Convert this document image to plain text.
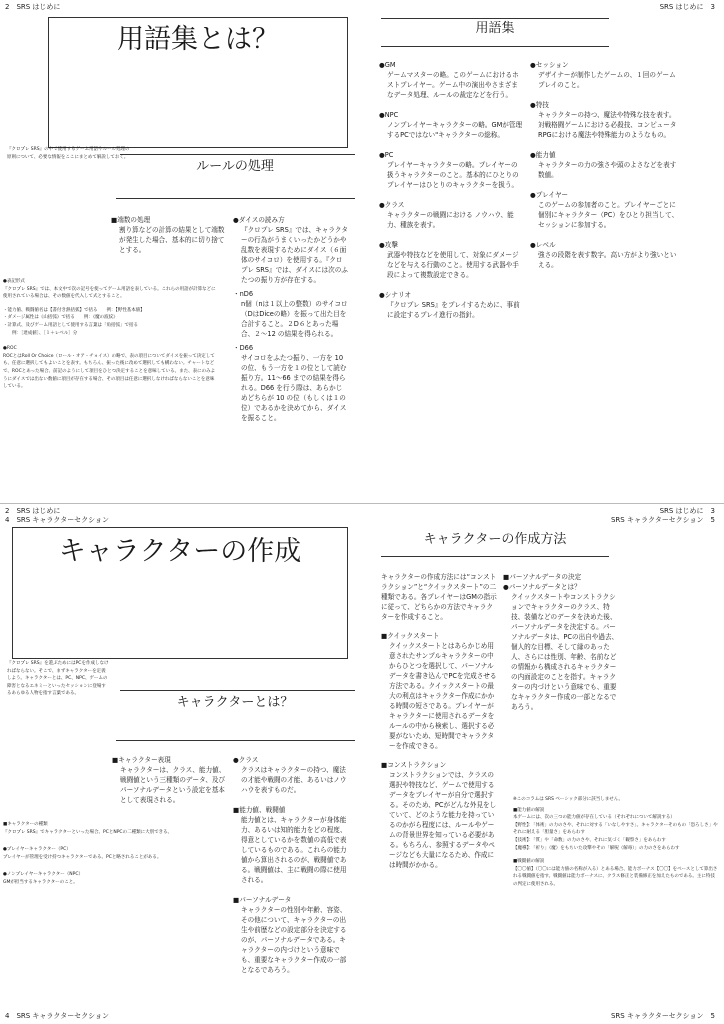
2　SRS はじめに
用語集とは？
『クロプレ SRS』の中で使用するゲーム用語やルール処理の原則について、必要な情報をここにまとめて解説しておく。
ルールの処理
■端数の処理
割り算などの計算の結果として端数が発生した場合、基本的に切り捨てとする。
●ダイスの読み方
『クロプレ SRS』では、キャラクターの行為がうまくいったかどうかや乱数を表現するためにダイス（６面体のサイコロ）を使用する。『クロプレ SRS』では、ダイスには次のふたつの振り方が存在する。
・nD6
n個（nは１以上の整数）のサイコロ（DはDiceの略）を振って出た目を合計すること。２D６とあった場合、２～12 の結果を得られる。
・D66
サイコロをふたつ振り、一方を 10 の位、もう一方を１の位として読む振り方。11～66 までの結果を得られる。D66 を行う際は、あらかじめどちらが 10 の位（もしくは１の位）であるかを決めてから、ダイスを振ること。
●表記形式
『クロプレ SRS』では、本文中で次の記号を使ってゲーム用語を表している。これらの用語が計算などに使用されている場合は、その数値を代入して式とすること。
・能力値、戦闘値名は【書付き熱括弧】で括る　　例：【野性基本値】
・ダメージ属性は《山括弧》で括る　　例：《魔の波紋》
・計算式、及びゲーム用語として使用する言葉は「角括弧」で括る
　　例：［達成値］、［１＋レベル］分
●ROC
ROCとはRoll Or Choice（ロール・オア・チョイス）の略で、表の項目についてダイスを振って決定しても、任意に選択してもよいことを表す。もちろん、振った後に改めて選択しても構わない。チャートなどで、ROCとあった場合、前記のようにして項目をひとつ決定することを意味している。また、表にのみようにダイスでは出ない数値に項目が存在する場合、その項目は任意に選択しなければならないことを意味している。
SRS はじめに　3
用語集
●GM
ゲームマスターの略。このゲームにおけるホストプレイヤー。ゲーム中の演出やさまざまなデータ処理、ルールの裁定などを行う。
●NPC
ノンプレイヤーキャラクターの略。GMが管理するPCではない"キャラクターの総称。
●PC
プレイヤーキャラクターの略。プレイヤーの扱うキャラクターのこと。基本的にひとりのプレイヤーはひとりのキャラクターを扱う。
●クラス
キャラクターの戦闘における ノウハウ、能力、種族を表す。
●攻撃
武器や特技などを使用して、対象にダメージなどを与える行動のこと。使用する武器や手段によって複数設定できる。
●シナリオ
『クロプレ SRS』をプレイするために、事前に設定するプレイ進行の指針。
●セッション
デザイナーが制作したゲームの、１回のゲームプレイのこと。
●特技
キャラクターの持つ、魔法や特殊な技を表す。対戦格闘ゲームにおける必殺技、コンピュータRPGにおける魔法や特殊能力のようなもの。
●能力値
キャラクターの力の強さや頭のよさなどを表す数値。
●プレイヤー
このゲームの参加者のこと。プレイヤーごとに個別にキャラクター（PC）をひとり担当して、セッションに参加する。
●レベル
強さの段階を表す数字。高い方がより強いといえる。
2　SRS はじめに
4　SRS キャラクターセクション
キャラクターの作成
『クロプレ SRS』を遊ぶためにはPCを作成しなければならない。そこで、まずキャラクターを定義しよう。キャラクターとは、PC、NPC、ゲームの障害となるエネミーといったセッションに登場するあらゆる人物を指す言葉である。
キャラクターとは？
■キャラクター表現
キャラクターは、クラス、能力値、戦闘値という三種類のデータ、及びパーソナルデータという設定を基本として表現される。
●クラス
クラスはキャラクターの持つ、魔法の才能や戦闘の才能、あるいはノウハウを表すものだ。
■能力値、戦闘値
能力値とは、キャラクターが身体能力、あるいは知的能力をどの程度、得意としているかを数値の高低で表しているものである。これらの能力値から算出されるのが、戦闘値である。戦闘値は、主に戦闘の際に使用される。
■パーソナルデータ
キャラクターの性別や年齢、容姿、その他について、キャラクターの出生や前歴などの設定部分を決定するのが、パーソナルデータである。キャラクターの内づけという意味でも、重要なキャラクター作成の一部となるであろう。
■キャラクターの種類
『クロプレ SRS』でキャラクターといった場合、PCとNPCの二種類に大別できる。
●プレイヤーキャラクター（PC）
プレイヤーが管理を受け持つキャラクターである。PCと略されることがある。
●ノンプレイヤーキャラクター（NPC）
GMが担当するキャラクターのこと。
4　SRS キャラクターセクション
SRS はじめに　3
SRS キャラクターセクション　5
キャラクターの作成方法
キャラクターの作成方法には“コンストラクション”と“クイックスタート”の二種類である。各プレイヤーはGMの指示に従って、どちらかの方法でキャラクターを作成すること。
■クイックスタート
クイックスタートとはあらかじめ用意されたサンプルキャラクターの中からひとつを選択して、パーソナルデータを書き込んでPCを完成させる方法である。クイックスタートの最大の利点はキャラクター作成にかかる時間の短さである。プレイヤーがキャラクターに使用されるデータをルールの中から検索し、選択する必要がないため、短時間でキャラクターを作成できる。
■コンストラクション
コンストラクションでは、クラスの選択や特技など、ゲームで使用するデータをプレイヤーが自分で選択する。そのため、PCがどんな外見をしていて、どのような能力を持っているのかがら程度には、ルールやゲームの背景世界を知っている必要がある。もちろん、参照するデータやページなども大量になるため、作成には時間がかかる。
■パーソナルデータの決定
●パーソナルデータとは？
クイックスタートやコンストラクションでキャラクターのクラス、特技、装備などのデータを決めた後、パーソナルデータを決定する。パーソナルデータは、PCの出自や過去、個人的な目標、そして縁のあった人、さらには性別、年齢、名前などの情報から構成されるキャラクターの内面設定のことを指す。キャラクターの内づけという意味でも、重要なキャラクター作成の一部となるであろう。
※このコラムは SRS ベーシック部分に該当しません。
■能力値の解説
本ゲームには、次の三つの能力値が存在している（それぞれについて解説する）
【野性】：「体術」の力のさや、それに対する「いなしやすさ」。キャラクターそのもの「恐ろしさ」やそれに耐える「胆量さ」をあらわす
【技術】：「質」や「命数」の力のさや、それに気づく「観察さ」をあらわす
【魔導】：「祈り」（魔）をもちいた攻撃やその「解呪（解毒）」の力のさをあらわす
■戦闘値の解説
【〇〇値】（〇〇には能力値の名称が入る）とある場合、能力ボーナス【〇〇】をベースとして算出される戦闘値を指す。戦闘値は能力ボーナスに、クラス修正と装備修正を加えたものである。主に特技の判定に使用される。
SRS キャラクターセクション　5
